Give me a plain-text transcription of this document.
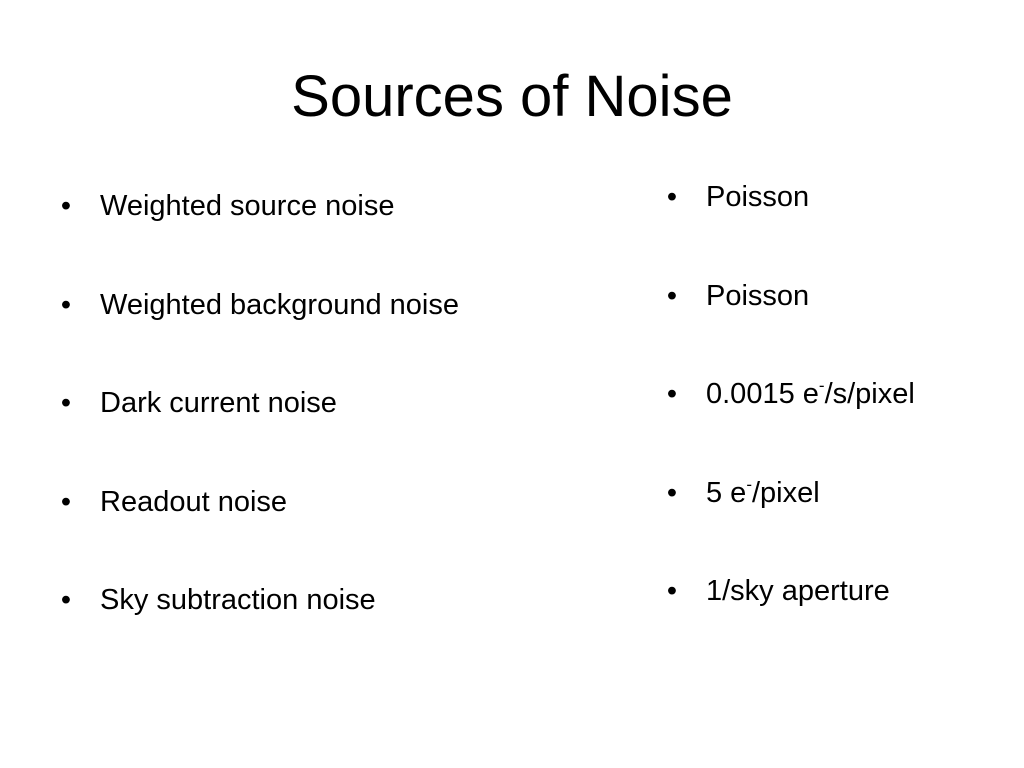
Sources of Noise
• Weighted source noise
• Weighted background noise
• Dark current noise
• Readout noise
• Sky subtraction noise
• Poisson
• Poisson
• 0.0015 e-/s/pixel
• 5 e-/pixel
• 1/sky aperture
